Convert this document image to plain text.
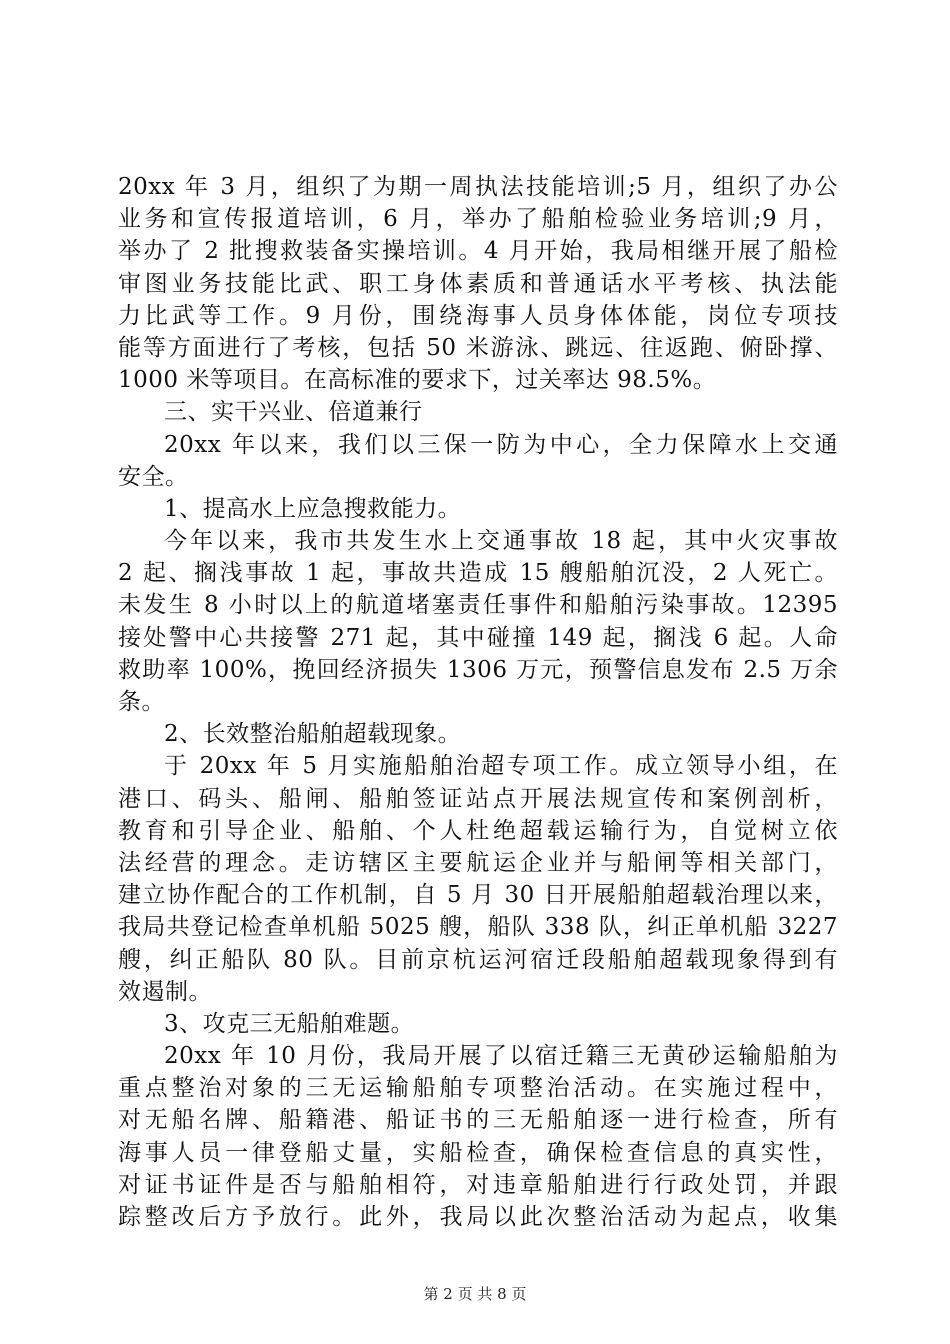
20xx 年 3 月，组织了为期一周执法技能培训;5 月，组织了办公
业务和宣传报道培训，6 月，举办了船舶检验业务培训;9 月，
举办了 2 批搜救装备实操培训。4 月开始，我局相继开展了船检
审图业务技能比武、职工身体素质和普通话水平考核、执法能
力比武等工作。9 月份，围绕海事人员身体体能，岗位专项技
能等方面进行了考核，包括 50 米游泳、跳远、往返跑、俯卧撑、
1000 米等项目。在高标准的要求下，过关率达 98.5%。
三、实干兴业、倍道兼行
20xx 年以来，我们以三保一防为中心，全力保障水上交通
安全。
1、提高水上应急搜救能力。
今年以来，我市共发生水上交通事故 18 起，其中火灾事故
2 起、搁浅事故 1 起，事故共造成 15 艘船舶沉没，2 人死亡。
未发生 8 小时以上的航道堵塞责任事件和船舶污染事故。12395
接处警中心共接警 271 起，其中碰撞 149 起，搁浅 6 起。人命
救助率 100%，挽回经济损失 1306 万元，预警信息发布 2.5 万余
条。
2、长效整治船舶超载现象。
于 20xx 年 5 月实施船舶治超专项工作。成立领导小组，在
港口、码头、船闸、船舶签证站点开展法规宣传和案例剖析，
教育和引导企业、船舶、个人杜绝超载运输行为，自觉树立依
法经营的理念。走访辖区主要航运企业并与船闸等相关部门，
建立协作配合的工作机制，自 5 月 30 日开展船舶超载治理以来，
我局共登记检查单机船 5025 艘，船队 338 队，纠正单机船 3227
艘，纠正船队 80 队。目前京杭运河宿迁段船舶超载现象得到有
效遏制。
3、攻克三无船舶难题。
20xx 年 10 月份，我局开展了以宿迁籍三无黄砂运输船舶为
重点整治对象的三无运输船舶专项整治活动。在实施过程中，
对无船名牌、船籍港、船证书的三无船舶逐一进行检查，所有
海事人员一律登船丈量，实船检查，确保检查信息的真实性，
对证书证件是否与船舶相符，对违章船舶进行行政处罚，并跟
踪整改后方予放行。此外，我局以此次整治活动为起点，收集
第 2 页 共 8 页
